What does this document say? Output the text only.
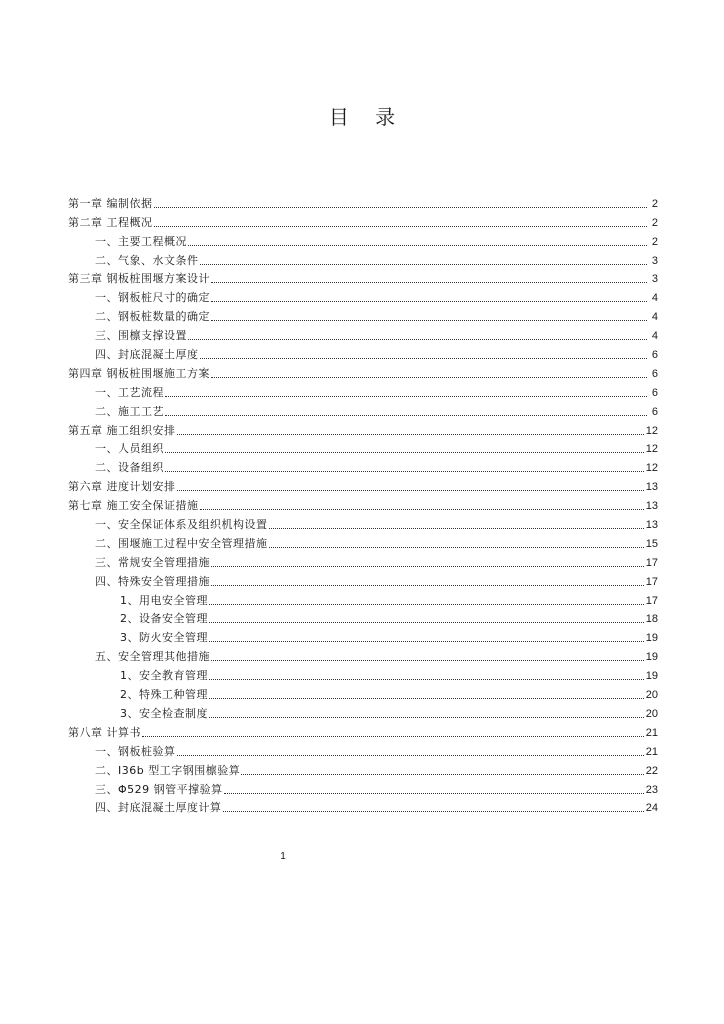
目 录
第一章 编制依据	2
第二章 工程概况	2
一、主要工程概况	2
二、气象、水文条件	3
第三章 钢板桩围堰方案设计	3
一、钢板桩尺寸的确定	4
二、钢板桩数量的确定	4
三、围檩支撑设置	4
四、封底混凝土厚度	6
第四章 钢板桩围堰施工方案	6
一、工艺流程	6
二、施工工艺	6
第五章 施工组织安排	12
一、人员组织	12
二、设备组织	12
第六章 进度计划安排	13
第七章 施工安全保证措施	13
一、安全保证体系及组织机构设置	13
二、围堰施工过程中安全管理措施	15
三、常规安全管理措施	17
四、特殊安全管理措施	17
1、用电安全管理	17
2、设备安全管理	18
3、防火安全管理	19
五、安全管理其他措施	19
1、安全教育管理	19
2、特殊工种管理	20
3、安全检查制度	20
第八章 计算书	21
一、钢板桩验算	21
二、I36b 型工字钢围檩验算	22
三、Φ529 钢管平撑验算	23
四、封底混凝土厚度计算	24
1
